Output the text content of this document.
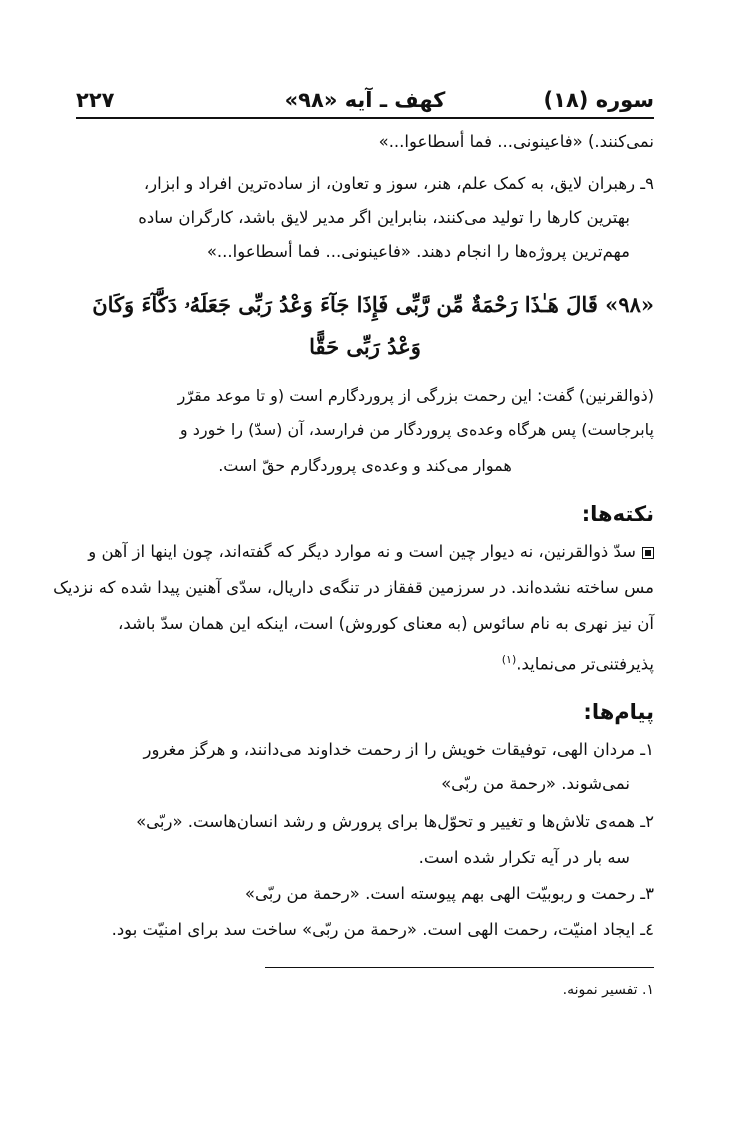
۲۲۷	کهف ـ آیه «۹۸»	سوره (۱۸)
نمی‌کنند.) «فاعینونی... فما أسطاعوا...»
۹ـ رهبران لایق، به کمک علم، هنر، سوز و تعاون، از ساده‌ترین افراد و ابزار،
بهترین کارها را تولید می‌کنند، بنابراین اگر مدیر لایق باشد، کارگران ساده
مهم‌ترین پروژه‌ها را انجام دهند. «فاعینونی... فما أسطاعوا...»
«۹۸» قَالَ هَـٰذَا رَحْمَةٌ مِّن رَّبِّى فَإِذَا جَآءَ وَعْدُ رَبِّى جَعَلَهُۥ دَكَّآءَ وَكَانَ
وَعْدُ رَبِّى حَقًّا
(ذوالقرنین) گفت: این رحمت بزرگی از پروردگارم است (و تا موعد مقرّر
پابرجاست) پس هرگاه وعده‌ی پروردگار من فرارسد، آن (سدّ) را خورد و
هموار می‌کند و وعده‌ی پروردگارم حقّ است.
نکته‌ها:
سدّ ذوالقرنین، نه دیوار چین است و نه موارد دیگر که گفته‌اند، چون اینها از آهن و
مس ساخته نشده‌اند. در سرزمین قفقاز در تنگه‌ی داریال، سدّی آهنین پیدا شده که نزدیک
آن نیز نهری به نام سائوس (به معنای کوروش) است، اینکه این همان سدّ باشد،
پذیرفتنی‌تر می‌نماید.$^{(۱)}$
پیام‌ها:
۱ـ مردان الهی، توفیقات خویش را از رحمت خداوند می‌دانند، و هرگز مغرور
نمی‌شوند. «رحمة من ربّی»
۲ـ همه‌ی تلاش‌ها و تغییر و تحوّل‌ها برای پرورش و رشد انسان‌هاست. «ربّی»
سه بار در آیه تکرار شده است.
۳ـ رحمت و ربوبیّت الهی بهم پیوسته است. «رحمة من ربّی»
٤ـ ایجاد امنیّت، رحمت الهی است. «رحمة من ربّی» ساخت سد برای امنیّت بود.
۱. تفسیر نمونه.
